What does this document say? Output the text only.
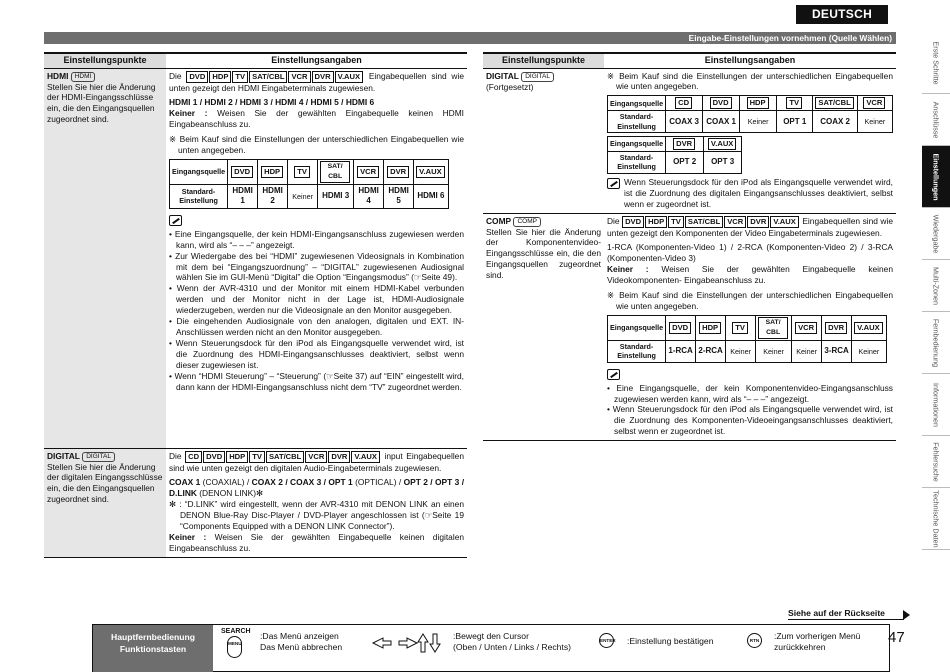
DEUTSCH
Eingabe-Einstellungen vornehmen (Quelle Wählen)
Erste Schritte
Anschlüsse
Einstellungen
Wiedergabe
Multi-Zonen
Fernbedienung
Informationen
Fehlersuche
Technische Daten
Einstellungspunkte	Einstellungsangaben

HDMI HDMI
Stellen Sie hier die Änderung der HDMI-Eingangsschlüsse ein, die den Eingangsquellen zugeordnet sind.

Die DVD HDP TV SAT/CBL VCR DVR V.AUX Eingabequellen sind wie unten gezeigt den HDMI Eingabeterminals zugewiesen.
HDMI 1 / HDMI 2 / HDMI 3 / HDMI 4 / HDMI 5 / HDMI 6
Keiner : Weisen Sie der gewählten Eingabequelle keinen HDMI Eingabeanschluss zu.
※ Beim Kauf sind die Einstellungen der unterschiedlichen Eingabequellen wie unten angegeben.
Eingangsquelle	DVD	HDP	TV	SAT/ CBL	VCR	DVR	V.AUX
Standard-Einstellung	HDMI 1	HDMI 2	Keiner	HDMI 3	HDMI 4	HDMI 5	HDMI 6
• Eine Eingangsquelle, der kein HDMI-Eingangsanschluss zugewiesen werden kann, wird als “– – –” angezeigt.
• Zur Wiedergabe des bei “HDMI” zugewiesenen Videosignals in Kombination mit dem bei “Eingangszuordnung” – “DIGITAL” zugewiesenen Audiosignal wählen Sie im GUI-Menü “Digital” die Option “Eingangsmodus” (☞Seite 49).
• Wenn der AVR-4310 und der Monitor mit einem HDMI-Kabel verbunden werden und der Monitor nicht in der Lage ist, HDMI-Audiosignale wiederzugeben, werden nur die Videosignale an den Monitor ausgegeben.
• Die eingehenden Audiosignale von den analogen, digitalen und EXT. IN-Anschlüssen werden nicht an den Monitor ausgegeben.
• Wenn Steuerungsdock für den iPod als Eingangsquelle verwendet wird, ist die Zuordnung des HDMI-Eingangsanschlusses deaktiviert, selbst wenn dieser zugewiesen ist.
• Wenn “HDMI Steuerung” – “Steuerung” (☞Seite 37) auf “EIN” eingestellt wird, dann kann der HDMI-Eingangsanschluss nicht dem “TV” zugeordnet werden.

DIGITAL DIGITAL
Stellen Sie hier die Änderung der digitalen Eingangsschlüsse ein, die den Eingangsquellen zugeordnet sind.

Die CD DVD HDP TV SAT/CBL VCR DVR V.AUX input Eingabequellen sind wie unten gezeigt den digitalen Audio-Eingabeterminals zugewiesen.
COAX 1 (COAXIAL) / COAX 2 / COAX 3 / OPT 1 (OPTICAL) / OPT 2 / OPT 3 / D.LINK (DENON LINK)✻
✻ : “D.LINK” wird eingestellt, wenn der AVR-4310 mit DENON LINK an einen DENON Blue-Ray Disc-Player / DVD-Player angeschlossen ist (☞Seite 19 “Components Equipped with a DENON LINK Connector”).
Keiner : Weisen Sie der gewählten Eingabequelle keinen digitalen Eingabeanschluss zu.
Einstellungspunkte	Einstellungsangaben

DIGITAL DIGITAL
(Fortgesetzt)

※ Beim Kauf sind die Einstellungen der unterschiedlichen Eingabequellen wie unten angegeben.
Eingangsquelle	CD	DVD	HDP	TV	SAT/CBL	VCR
Standard-Einstellung	COAX 3	COAX 1	Keiner	OPT 1	COAX 2	Keiner
Eingangsquelle	DVR	V.AUX
Standard-Einstellung	OPT 2	OPT 3
Wenn Steuerungsdock für den iPod als Eingangsquelle verwendet wird, ist die Zuordnung des digitalen Eingangsanschlusses deaktiviert, selbst wenn er zugeordnet ist.

COMP COMP
Stellen Sie hier die Änderung der Komponentenvideo-Eingangsschlüsse ein, die den Eingangsquellen zugeordnet sind.

Die DVD HDP TV SAT/CBL VCR DVR V.AUX Eingabequellen sind wie unten gezeigt den Komponenten der Video Eingabeterminals zugewiesen.
1-RCA (Komponenten-Video 1) / 2-RCA (Komponenten-Video 2) / 3-RCA (Komponenten-Video 3)
Keiner : Weisen Sie der gewählten Eingabequelle keinen Videokomponenten- Eingabeanschluss zu.
※ Beim Kauf sind die Einstellungen der unterschiedlichen Eingabequellen wie unten angegeben.
Eingangsquelle	DVD	HDP	TV	SAT/ CBL	VCR	DVR	V.AUX
Standard-Einstellung	1-RCA	2-RCA	Keiner	Keiner	Keiner	3-RCA	Keiner
• Eine Eingangsquelle, der kein Komponentenvideo-Eingangsanschluss zugewiesen werden kann, wird als “– – –” angezeigt.
• Wenn Steuerungsdock für den iPod als Eingangsquelle verwendet wird, ist die Zuordnung des Komponenten-Videoeingangsanschlusses deaktiviert, selbst wenn er zugeordnet ist.
Siehe auf der Rückseite
Hauptfernbedienung Funktionstasten
SEARCH
MENU
:Das Menü anzeigen
Das Menü abbrechen
:Bewegt den Cursor
(Oben / Unten / Links / Rechts)
ENTER :Einstellung bestätigen	RTN	:Zum vorherigen Menü
zurückkehren
47
